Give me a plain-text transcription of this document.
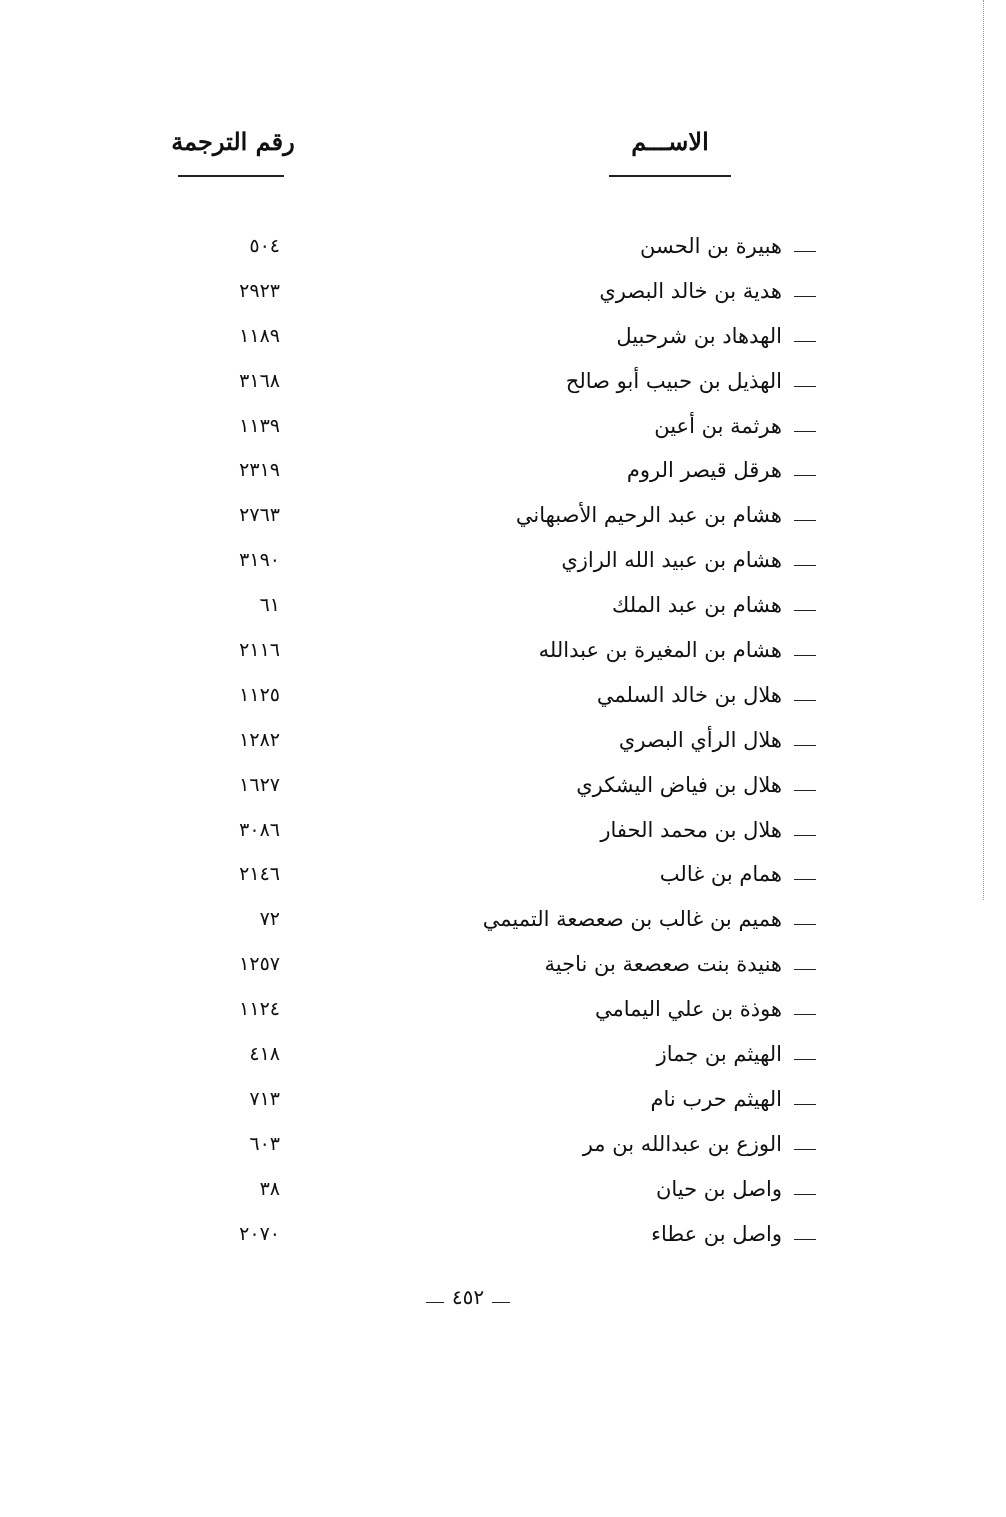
الاســـم
رقم الترجمة
هبيرة بن الحسن
٥٠٤
هدية بن خالد البصري
٢٩٢٣
الهدهاد بن شرحبيل
١١٨٩
الهذيل بن حبيب أبو صالح
٣١٦٨
هرثمة بن أعين
١١٣٩
هرقل قيصر الروم
٢٣١٩
هشام بن عبد الرحيم الأصبهاني
٢٧٦٣
هشام بن عبيد الله الرازي
٣١٩٠
هشام بن عبد الملك
٦١
هشام بن المغيرة بن عبدالله
٢١١٦
هلال بن خالد السلمي
١١٢٥
هلال الرأي البصري
١٢٨٢
هلال بن فياض اليشكري
١٦٢٧
هلال بن محمد الحفار
٣٠٨٦
همام بن غالب
٢١٤٦
هميم بن غالب بن صعصعة التميمي
٧٢
هنيدة بنت صعصعة بن ناجية
١٢٥٧
هوذة بن علي اليمامي
١١٢٤
الهيثم بن جماز
٤١٨
الهيثم حرب نام
٧١٣
الوزع بن عبدالله بن مر
٦٠٣
واصل بن حيان
٣٨
واصل بن عطاء
٢٠٧٠
٤٥٢
